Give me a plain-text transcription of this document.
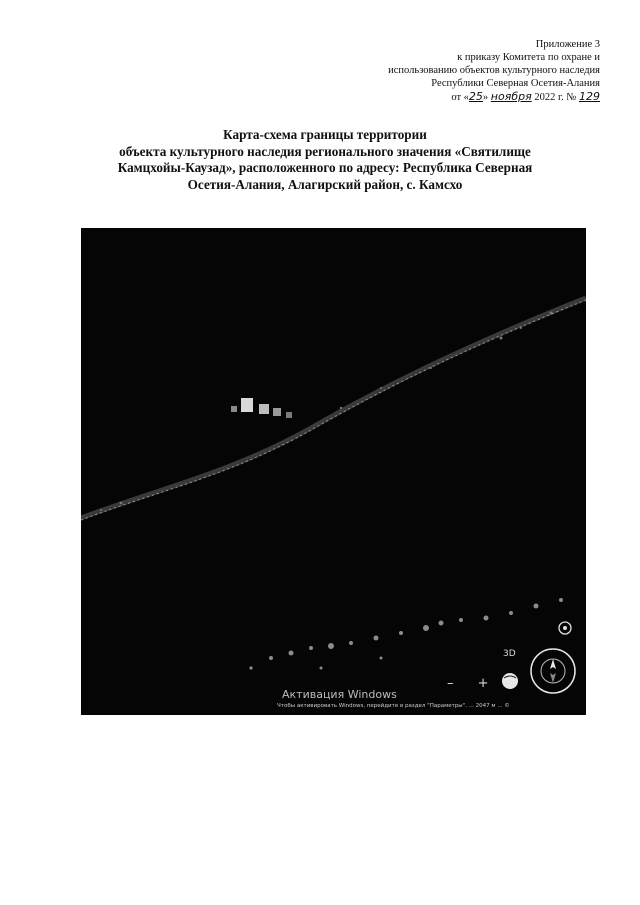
Приложение 3
к приказу Комитета по охране и
использованию объектов культурного наследия
Республики Северная Осетия-Алания
от «25» ноября 2022 г. № 129
Карта-схема границы территории
объекта культурного наследия регионального значения «Святилище
Камцхойы-Каузад», расположенного по адресу: Республика Северная
Осетия-Алания, Алагирский район, с. Камсхо
3D
– +
Активация Windows
Чтобы активировать Windows, перейдите в раздел "Параметры". ... 2047 м ... ©
